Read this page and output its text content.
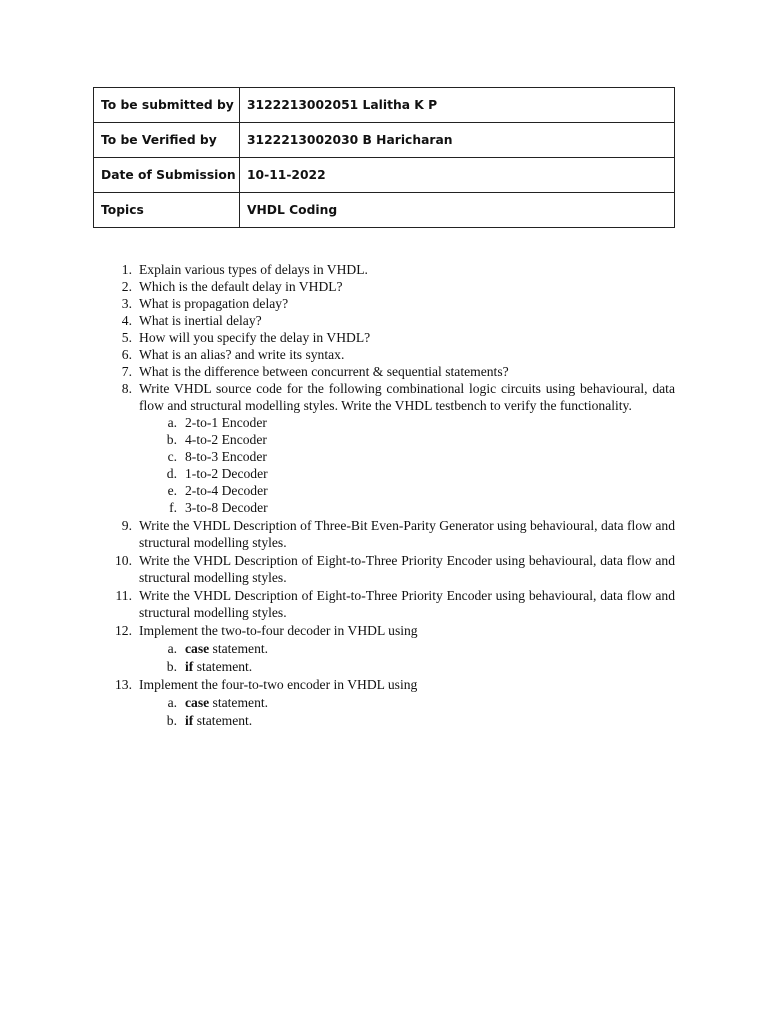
To be submitted by	3122213002051 Lalitha K P
To be Verified by	3122213002030 B Haricharan
Date of Submission	10-11-2022
Topics	VHDL Coding
1. Explain various types of delays in VHDL.
2. Which is the default delay in VHDL?
3. What is propagation delay?
4. What is inertial delay?
5. How will you specify the delay in VHDL?
6. What is an alias? and write its syntax.
7. What is the difference between concurrent & sequential statements?
8. Write VHDL source code for the following combinational logic circuits using behavioural, data flow and structural modelling styles. Write the VHDL testbench to verify the functionality.
a. 2-to-1 Encoder
b. 4-to-2 Encoder
c. 8-to-3 Encoder
d. 1-to-2 Decoder
e. 2-to-4 Decoder
f. 3-to-8 Decoder
9. Write the VHDL Description of Three-Bit Even-Parity Generator using behavioural, data flow and structural modelling styles.
10. Write the VHDL Description of Eight-to-Three Priority Encoder using behavioural, data flow and structural modelling styles.
11. Write the VHDL Description of Eight-to-Three Priority Encoder using behavioural, data flow and structural modelling styles.
12. Implement the two-to-four decoder in VHDL using
a. case statement.
b. if statement.
13. Implement the four-to-two encoder in VHDL using
a. case statement.
b. if statement.
